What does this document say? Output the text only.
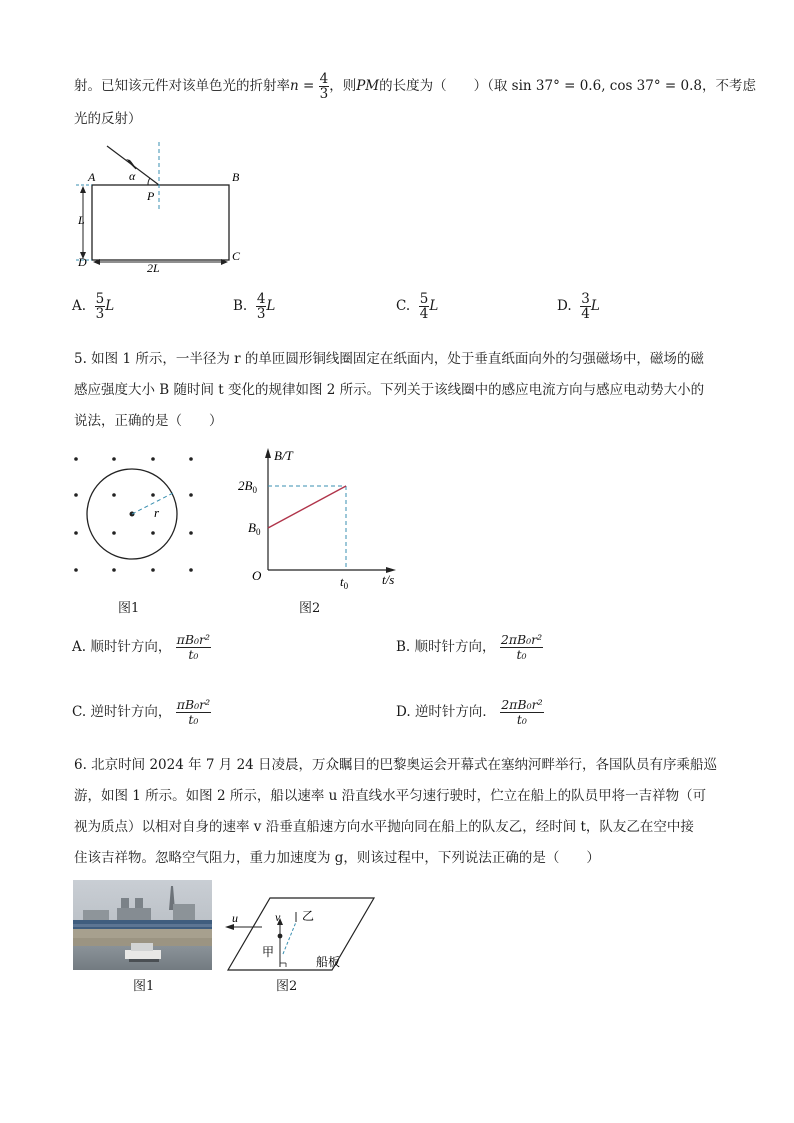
射。已知该元件对该单色光的折射率$n = \frac{4}{3}$ ，则PM的长度为（　　）（取 sin 37° = 0.6, cos 37° = 0.8，不考虑
光的反射）
A	B
C
D
P
α
L
2L
A. $\frac{5}{3}$ L	B. $\frac{4}{3}$ L	C. $\frac{5}{4}$ L	D. $\frac{3}{4}$ L
5. 如图 1 所示，一半径为 r 的单匝圆形铜线圈固定在纸面内，处于垂直纸面向外的匀强磁场中，磁场的磁
感应强度大小 B 随时间 t 变化的规律如图 2 所示。下列关于该线圈中的感应电流方向与感应电动势大小的
说法，正确的是（　　）
r
图1
B/T
$2B_0$
$B_0$
O	$t_0$	t/s
图2
A. 顺时针方向， $\frac{\text{πB₀r²}}{\text{t₀}}$	B. 顺时针方向， $\frac{\text{2πB₀r²}}{\text{t₀}}$
C. 逆时针方向， $\frac{\text{πB₀r²}}{\text{t₀}}$	D. 逆时针方向． $\frac{\text{2πB₀r²}}{\text{t₀}}$
6. 北京时间 2024 年 7 月 24 日凌晨，万众瞩目的巴黎奥运会开幕式在塞纳河畔举行，各国队员有序乘船巡
游，如图 1 所示。如图 2 所示，船以速率 u 沿直线水平匀速行驶时，伫立在船上的队员甲将一吉祥物（可
视为质点）以相对自身的速率 v 沿垂直船速方向水平抛向同在船上的队友乙，经时间 t，队友乙在空中接
住该吉祥物。忽略空气阻力，重力加速度为 g，则该过程中，下列说法正确的是（　　）
图1
u	v 乙
甲
船板
图2
